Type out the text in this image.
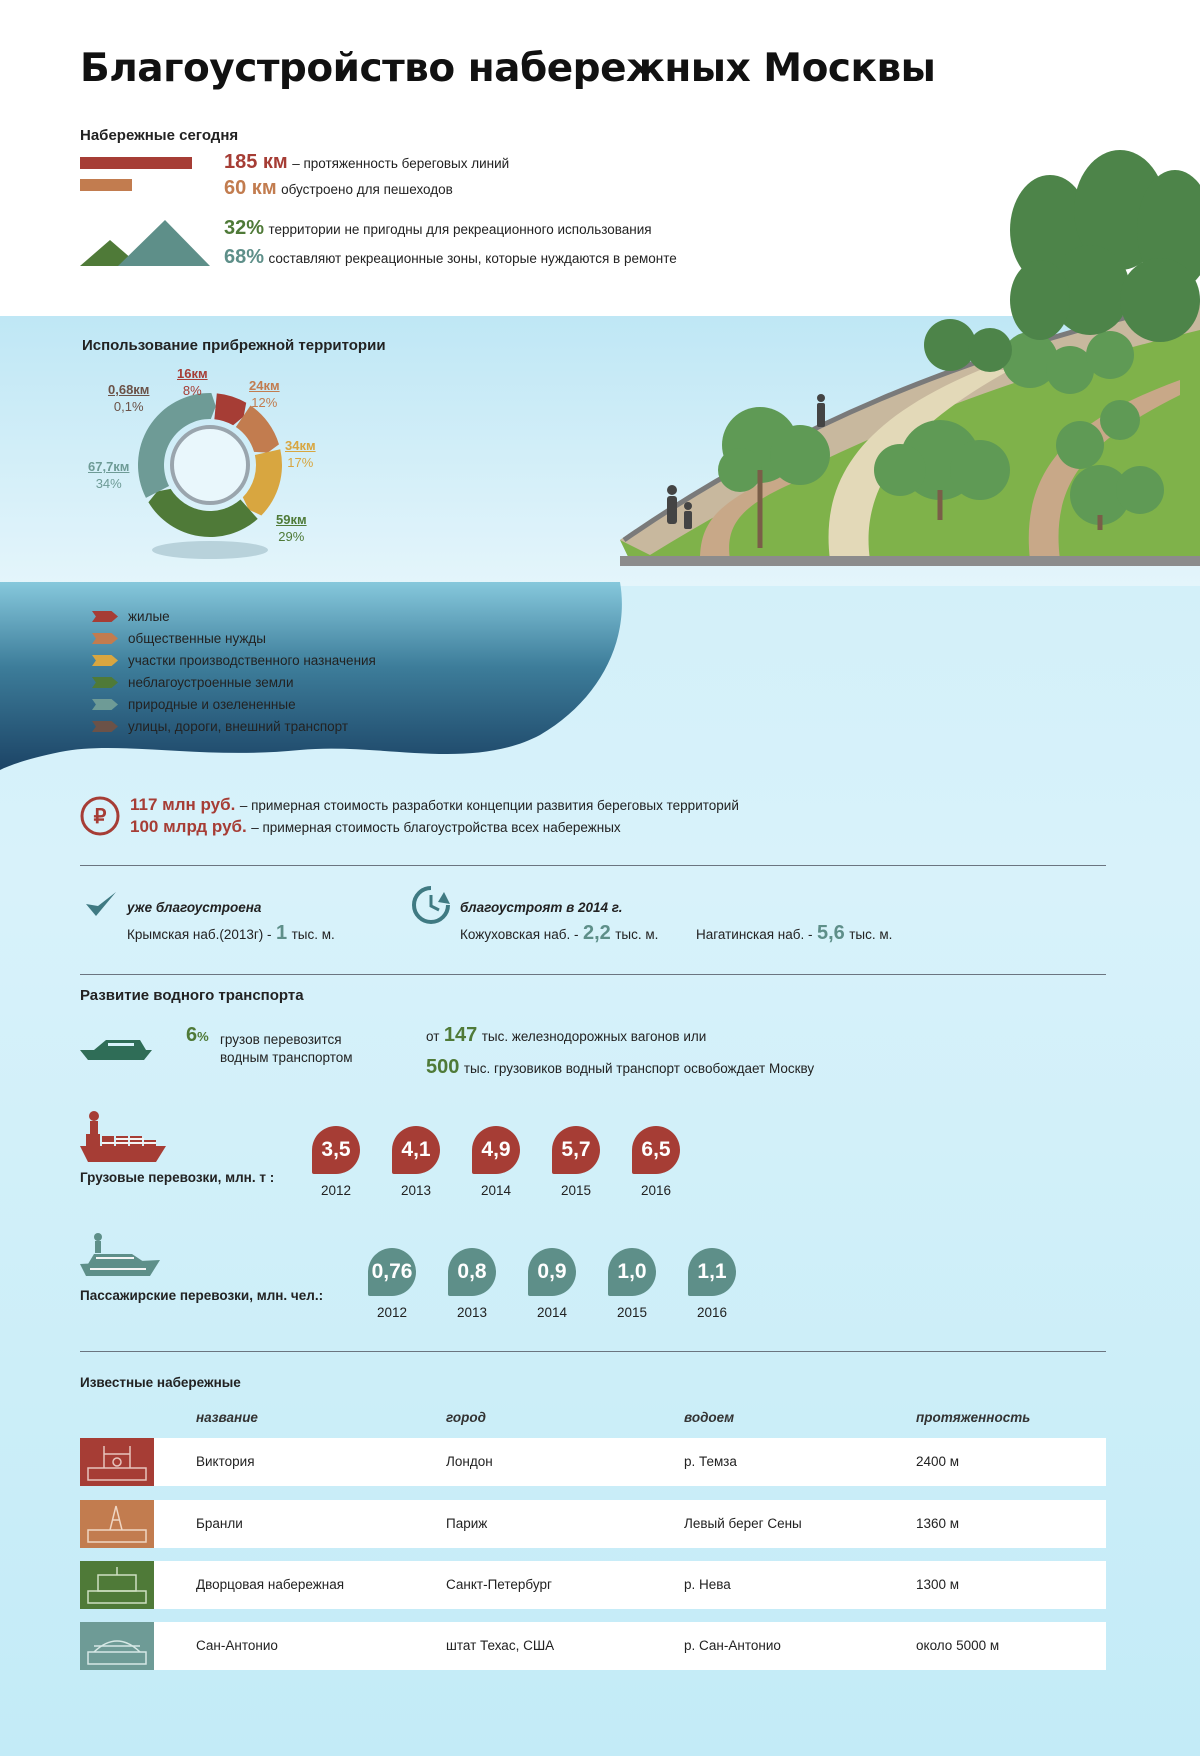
Благоустройство набережных Москвы
Набережные сегодня
185 км – протяженность береговых линий
60 км обустроено для пешеходов
32% территории не пригодны для рекреационного использования
68% составляют рекреационные зоны, которые нуждаются в ремонте
Использование прибрежной территории
16км
8%	24км
12%
34км
17%
59км
29%
67,7км
34%
0,68км
0,1%
жилые
общественные нужды
участки производственного назначения
неблагоустроенные земли
природные и озелененные
улицы, дороги, внешний транспорт
₽
117 млн руб. – примерная стоимость разработки концепции развития береговых территорий
100 млрд руб. – примерная стоимость благоустройства всех набережных
уже благоустроена
Крымская наб.(2013г) - 1 тыс. м.
благоустроят в 2014 г.
Кожуховская наб. - 2,2 тыс. м.	Нагатинская наб. - 5,6 тыс. м.
Развитие водного транспорта
6% грузов перевозится
водным транспортом
от 147 тыс. железнодорожных вагонов или
500 тыс. грузовиков водный транспорт освобождает Москву
Грузовые перевозки, млн. т :
3,5
2012
4,1
2013
4,9
2014
5,7
2015
6,5
2016
Пассажирские перевозки, млн. чел.:
0,76
2012
0,8
2013
0,9
2014
1,0
2015
1,1
2016
Известные набережные
название	город	водоем	протяженность
Виктория	Лондон	р. Темза	2400 м
Бранли	Париж	Левый берег Сены	1360 м
Дворцовая набережная	Санкт-Петербург	р. Нева	1300 м
Сан-Антонио	штат Техас, США	р. Сан-Антонио	около 5000 м
